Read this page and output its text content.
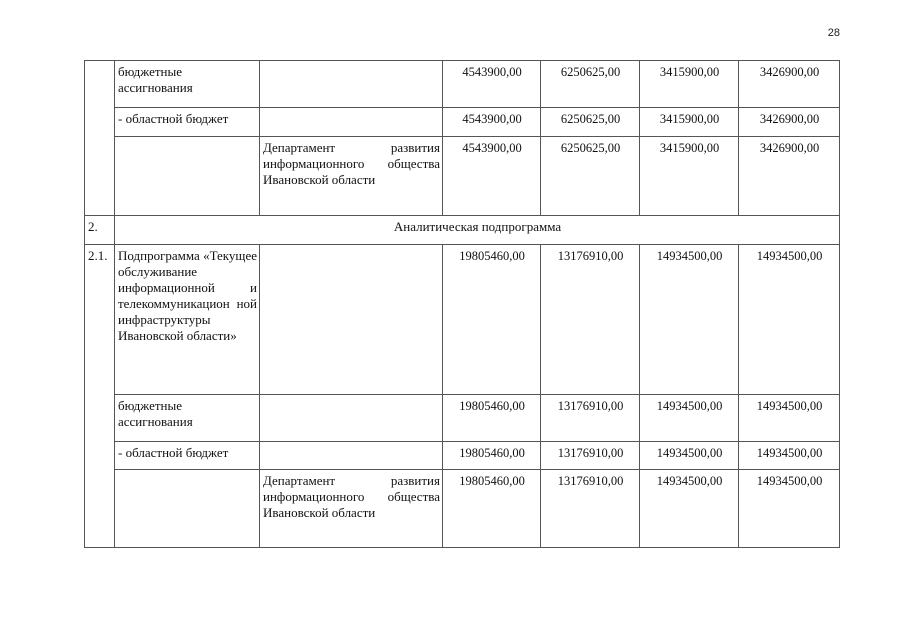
28
	бюджетные ассигнования		4543900,00	6250625,00	3415900,00	3426900,00
	- областной бюджет		4543900,00	6250625,00	3415900,00	3426900,00
		Департамент развития информационного общества Ивановской области	4543900,00	6250625,00	3415900,00	3426900,00
2.	Аналитическая подпрограмма					
2.1.	Подпрограмма «Текущее обслуживание информационной и телекоммуникацион ной инфраструктуры Ивановской области»		19805460,00	13176910,00	14934500,00	14934500,00
	бюджетные ассигнования		19805460,00	13176910,00	14934500,00	14934500,00
	- областной бюджет		19805460,00	13176910,00	14934500,00	14934500,00
		Департамент развития информационного общества Ивановской области	19805460,00	13176910,00	14934500,00	14934500,00
